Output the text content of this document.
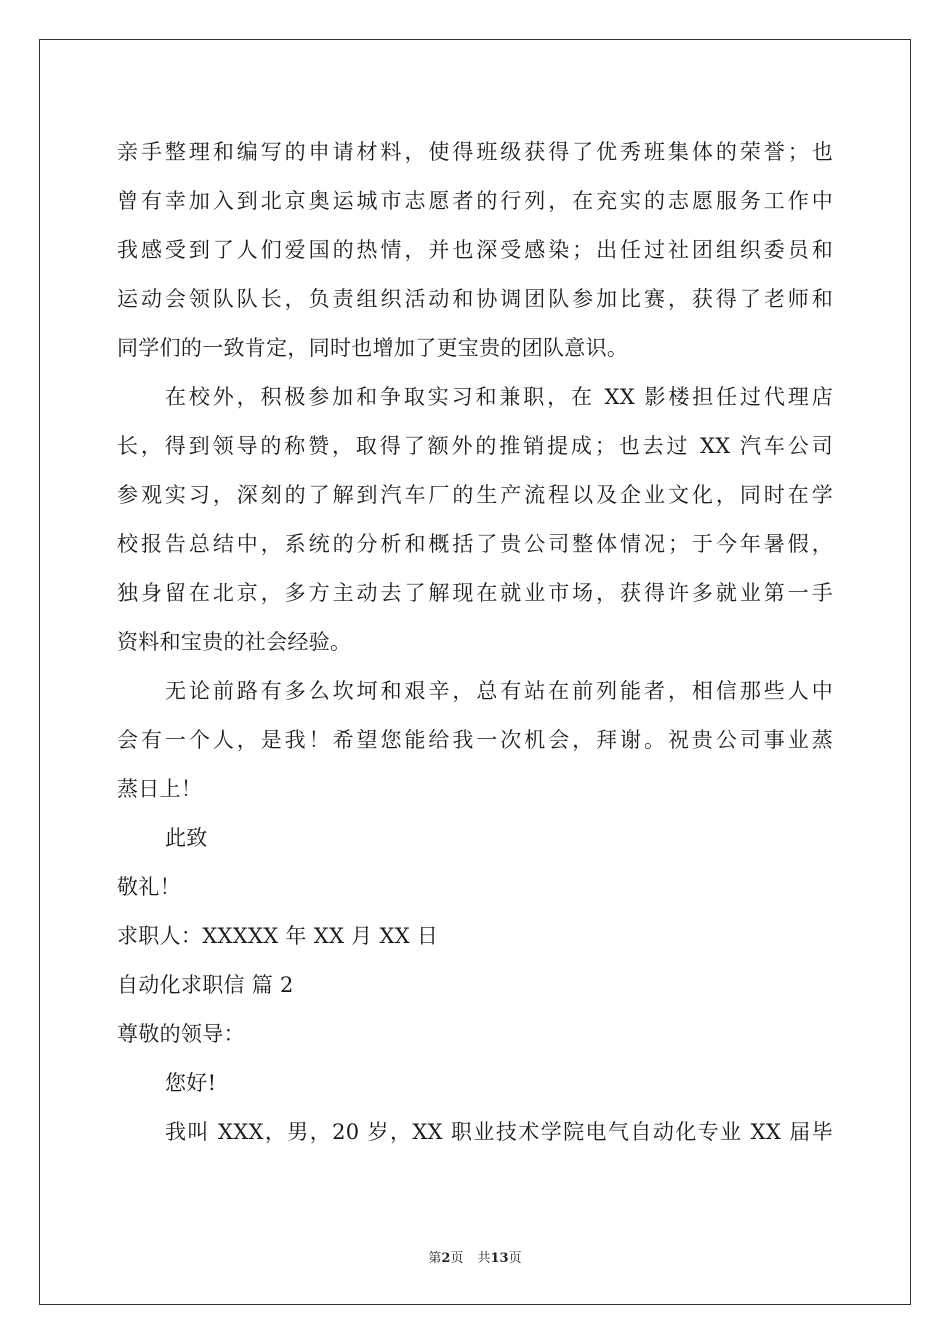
亲手整理和编写的申请材料，使得班级获得了优秀班集体的荣誉；也
曾有幸加入到北京奥运城市志愿者的行列，在充实的志愿服务工作中
我感受到了人们爱国的热情，并也深受感染；出任过社团组织委员和
运动会领队队长，负责组织活动和协调团队参加比赛，获得了老师和
同学们的一致肯定，同时也增加了更宝贵的团队意识。
在校外，积极参加和争取实习和兼职，在 XX 影楼担任过代理店
长，得到领导的称赞，取得了额外的推销提成；也去过 XX 汽车公司
参观实习，深刻的了解到汽车厂的生产流程以及企业文化，同时在学
校报告总结中，系统的分析和概括了贵公司整体情况；于今年暑假，
独身留在北京，多方主动去了解现在就业市场，获得许多就业第一手
资料和宝贵的社会经验。
无论前路有多么坎坷和艰辛，总有站在前列能者，相信那些人中
会有一个人，是我！希望您能给我一次机会，拜谢。祝贵公司事业蒸
蒸日上！
此致
敬礼！
求职人：XXXXX 年 XX 月 XX 日
自动化求职信 篇 2
尊敬的领导：
您好!
我叫 XXX，男，20 岁，XX 职业技术学院电气自动化专业 XX 届毕
第2页 共13页
